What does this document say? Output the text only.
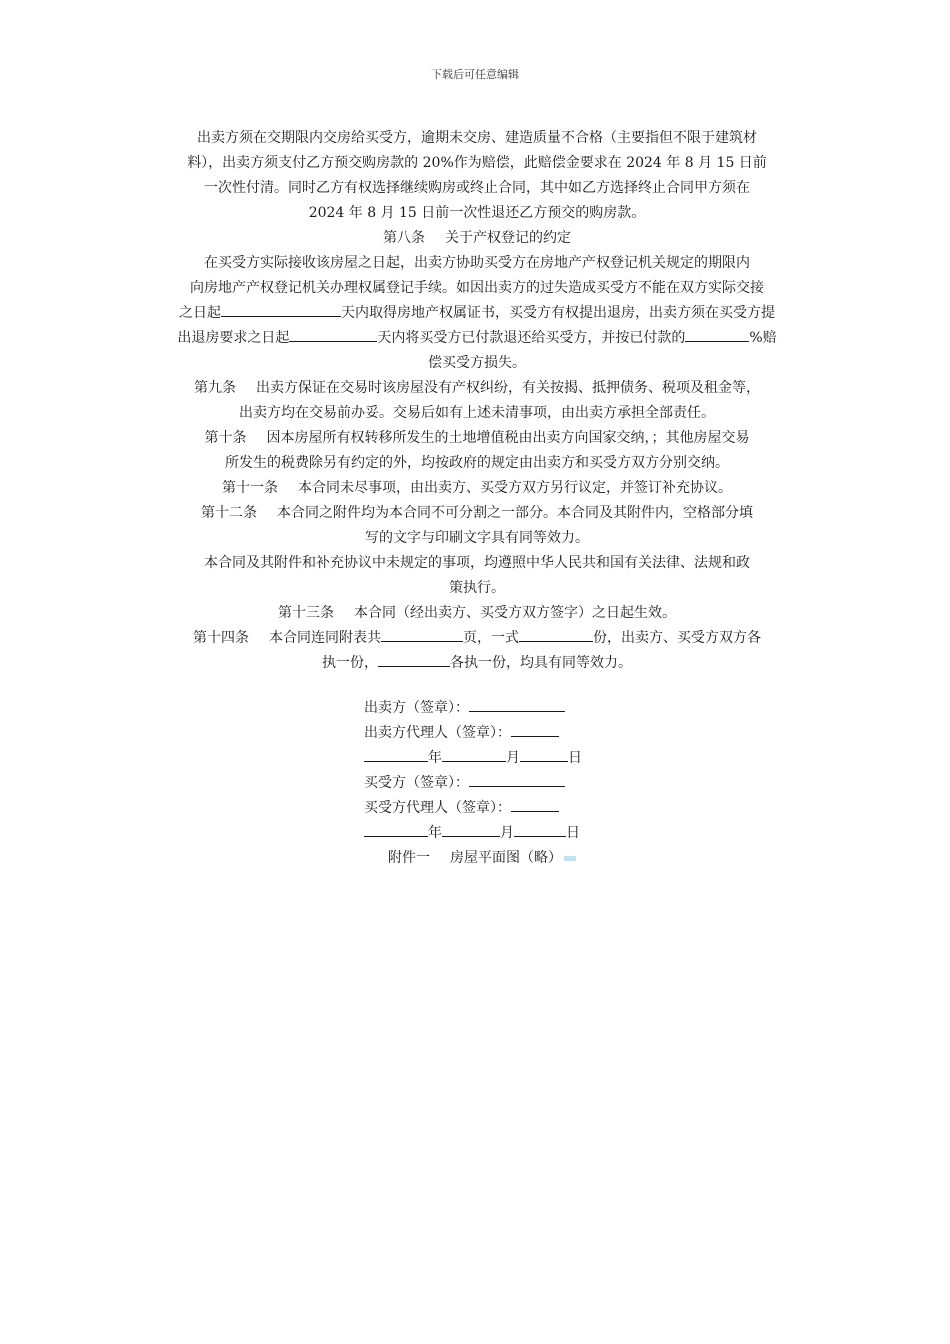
下载后可任意编辑

出卖方须在交期限内交房给买受方，逾期未交房、建造质量不合格（主要指但不限于建筑材

料），出卖方须支付乙方预交购房款的 20%作为赔偿，此赔偿金要求在 2024 年 8 月 15 日前

一次性付清。同时乙方有权选择继续购房或终止合同，其中如乙方选择终止合同甲方须在

2024 年 8 月 15 日前一次性退还乙方预交的购房款。

第八条 关于产权登记的约定

在买受方实际接收该房屋之日起，出卖方协助买受方在房地产产权登记机关规定的期限内

向房地产产权登记机关办理权属登记手续。如因出卖方的过失造成买受方不能在双方实际交接

之日起	天内取得房地产权属证书，买受方有权提出退房，出卖方须在买受方提

出退房要求之日起	天内将买受方已付款退还给买受方，并按已付款的	%赔

偿买受方损失。

第九条 出卖方保证在交易时该房屋没有产权纠纷，有关按揭、抵押债务、税项及租金等，

出卖方均在交易前办妥。交易后如有上述未清事项，由出卖方承担全部责任。

第十条 因本房屋所有权转移所发生的土地增值税由出卖方向国家交纳，；其他房屋交易

所发生的税费除另有约定的外，均按政府的规定由出卖方和买受方双方分别交纳。

第十一条 本合同未尽事项，由出卖方、买受方双方另行议定，并签订补充协议。

第十二条 本合同之附件均为本合同不可分割之一部分。本合同及其附件内，空格部分填

写的文字与印刷文字具有同等效力。

本合同及其附件和补充协议中未规定的事项，均遵照中华人民共和国有关法律、法规和政

策执行。

第十三条 本合同（经出卖方、买受方双方签字）之日起生效。

第十四条 本合同连同附表共	页，一式	份，出卖方、买受方双方各

执一份，	各执一份，均具有同等效力。

出卖方（签章）：

出卖方代理人（签章）：

年	月	日

买受方（签章）：

买受方代理人（签章）：

年	月	日

附件一 房屋平面图（略）
